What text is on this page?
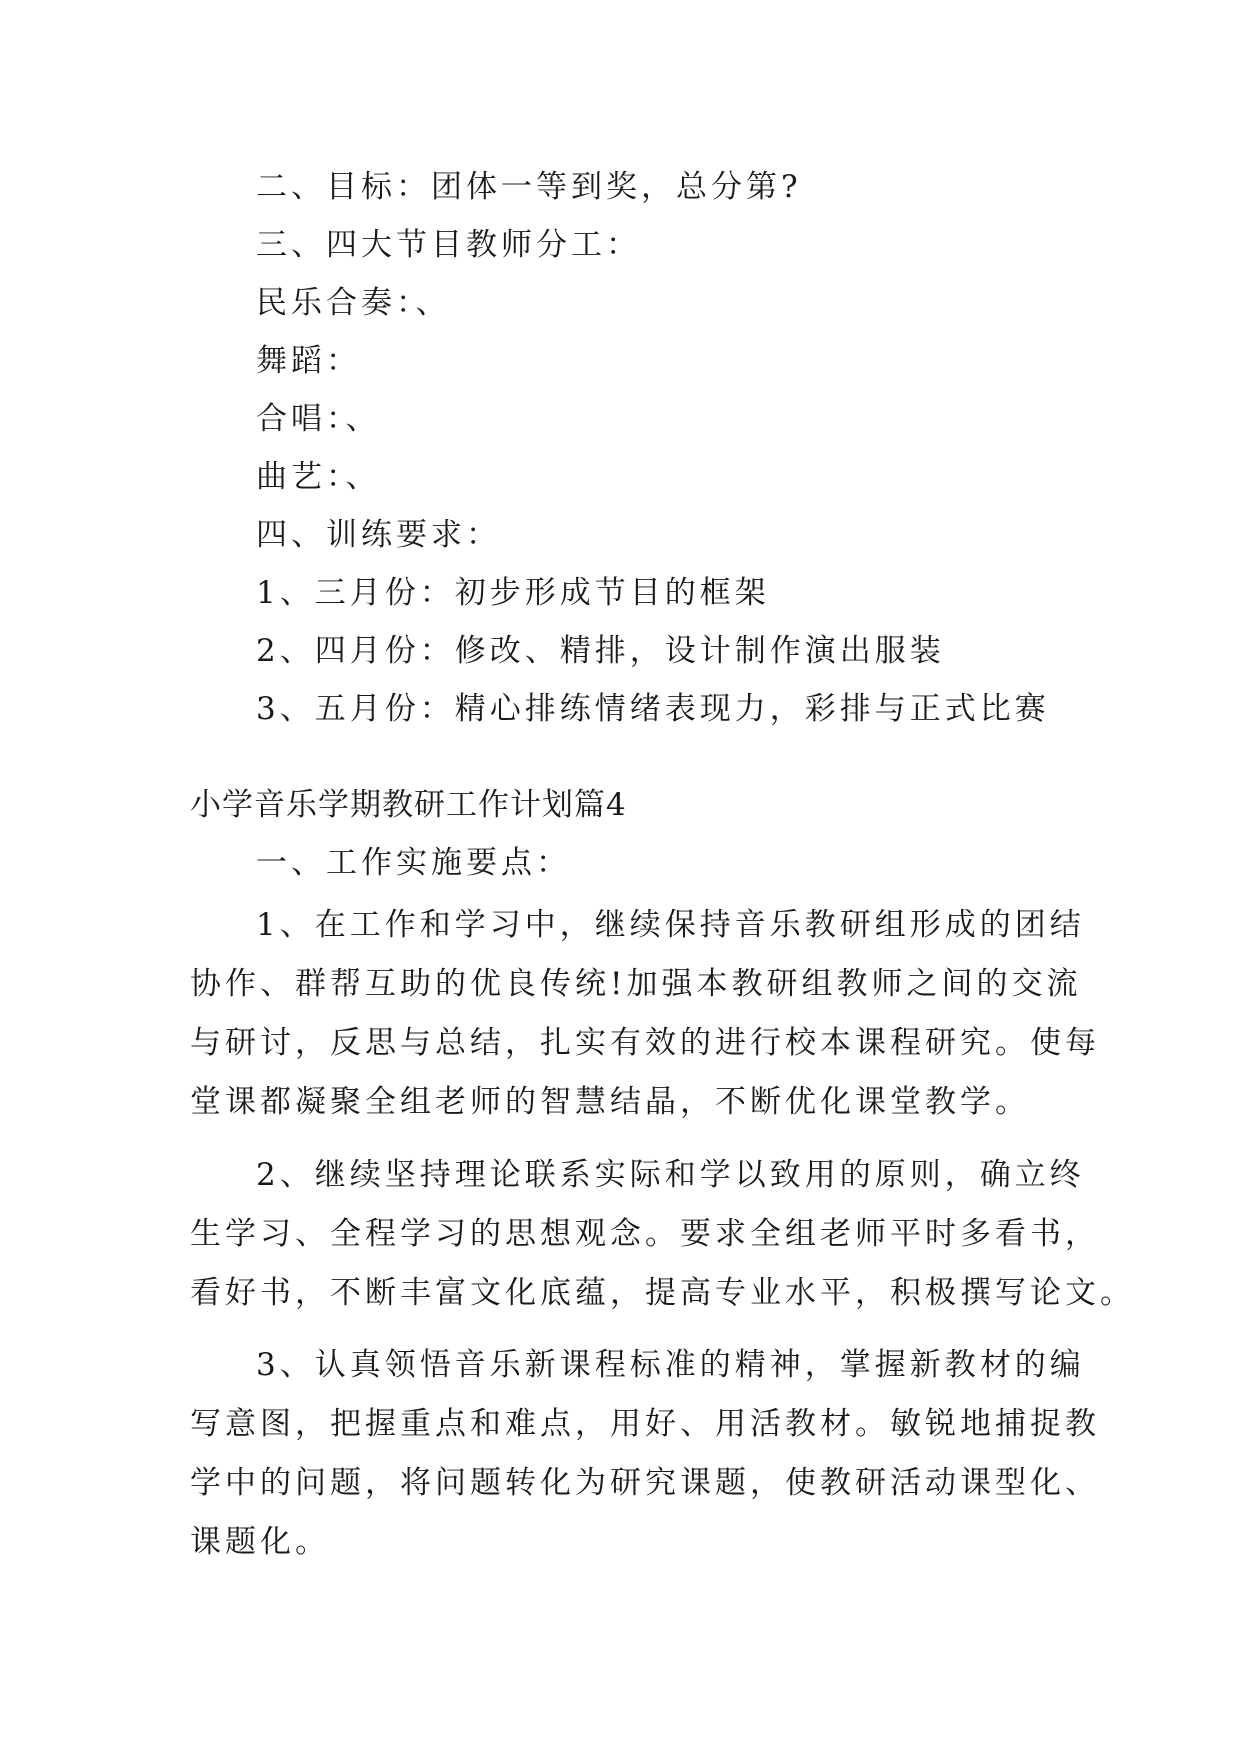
二、目标：团体一等到奖，总分第?
三、四大节目教师分工：
民乐合奏：、
舞蹈：
合唱：、
曲艺：、
四、训练要求：
1、三月份：初步形成节目的框架
2、四月份：修改、精排，设计制作演出服装
3、五月份：精心排练情绪表现力，彩排与正式比赛
小学音乐学期教研工作计划篇4
一、工作实施要点：
1、在工作和学习中，继续保持音乐教研组形成的团结
协作、群帮互助的优良传统!加强本教研组教师之间的交流
与研讨，反思与总结，扎实有效的进行校本课程研究。使每
堂课都凝聚全组老师的智慧结晶，不断优化课堂教学。
2、继续坚持理论联系实际和学以致用的原则，确立终
生学习、全程学习的思想观念。要求全组老师平时多看书，
看好书，不断丰富文化底蕴，提高专业水平，积极撰写论文。
3、认真领悟音乐新课程标准的精神，掌握新教材的编
写意图，把握重点和难点，用好、用活教材。敏锐地捕捉教
学中的问题，将问题转化为研究课题，使教研活动课型化、
课题化。
